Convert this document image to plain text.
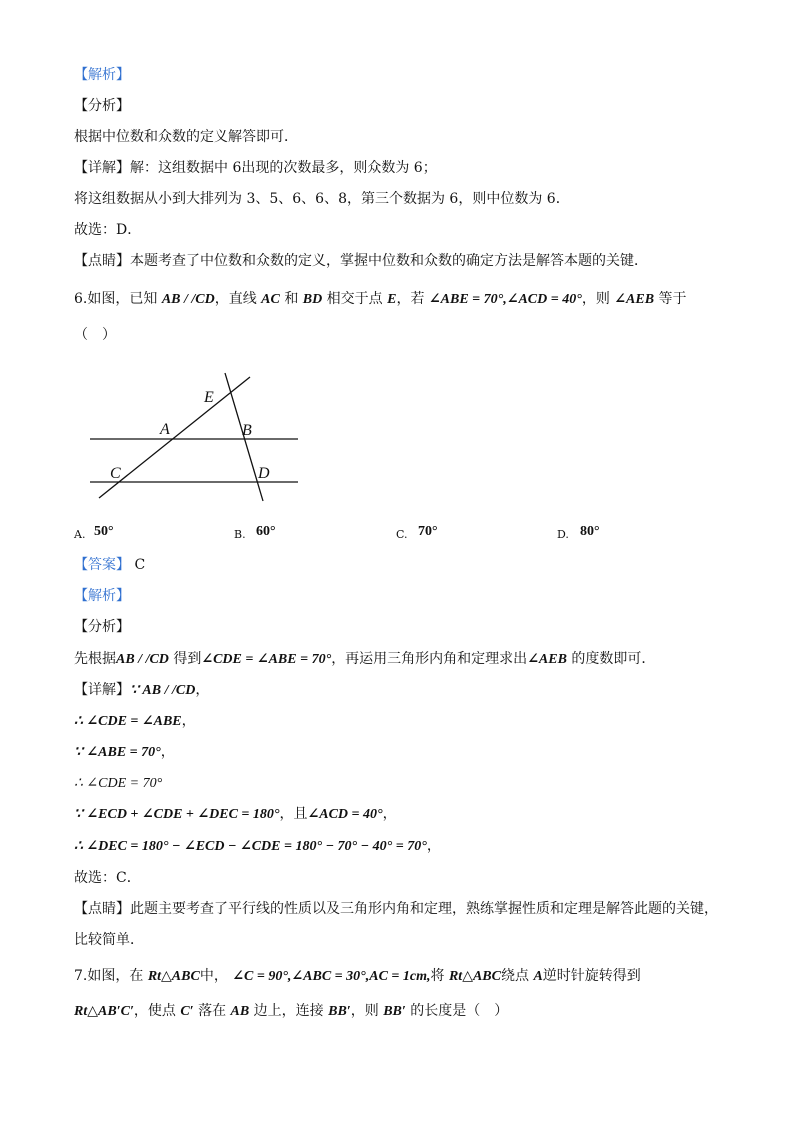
【解析】
【分析】
根据中位数和众数的定义解答即可．
【详解】解：这组数据中 6出现的次数最多，则众数为 6；
将这组数据从小到大排列为 3、5、6、6、8，第三个数据为 6，则中位数为 6．
故选：D．
【点睛】本题考查了中位数和众数的定义，掌握中位数和众数的确定方法是解答本题的关键．
6.如图，已知 AB / /CD，直线 AC 和 BD 相交于点 E，若 ∠ABE = 70°,∠ACD = 40°，则 ∠AEB 等于
（　）
E
A	B
C	D
A. 50°	B. 60°	C. 70°	D. 80°
【答案】 C
【解析】
【分析】
先根据AB / /CD 得到∠CDE = ∠ABE = 70°，再运用三角形内角和定理求出∠AEB 的度数即可．
【详解】∵ AB / /CD，
∴ ∠CDE = ∠ABE，
∵ ∠ABE = 70°，
∴ ∠CDE = 70°
∵ ∠ECD + ∠CDE + ∠DEC = 180°，且∠ACD = 40°，
∴ ∠DEC = 180° − ∠ECD − ∠CDE = 180° − 70° − 40° = 70°，
故选：C．
【点睛】此题主要考查了平行线的性质以及三角形内角和定理，熟练掌握性质和定理是解答此题的关键，
比较简单．
7.如图，在 Rt△ABC中， ∠C = 90°,∠ABC = 30°,AC = 1cm,将 Rt△ABC绕点 A逆时针旋转得到
Rt△AB′C′，使点 C′ 落在 AB 边上，连接 BB′，则 BB′ 的长度是（　）
